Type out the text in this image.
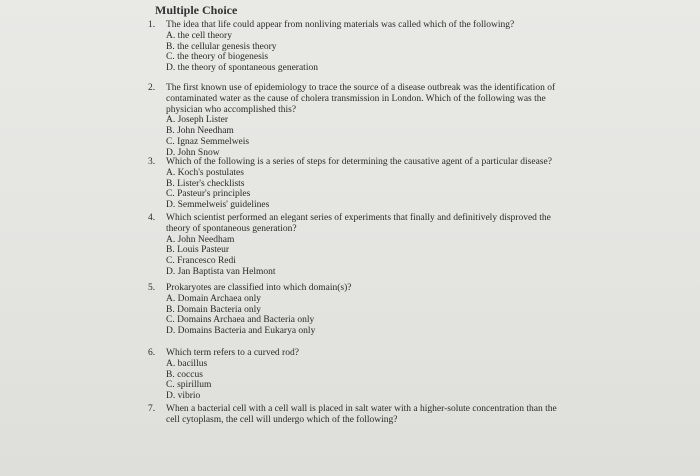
Multiple Choice
1.	The idea that life could appear from nonliving materials was called which of the following?
A. the cell theory
B. the cellular genesis theory
C. the theory of biogenesis
D. the theory of spontaneous generation
2.	The first known use of epidemiology to trace the source of a disease outbreak was the identification of contaminated water as the cause of cholera transmission in London. Which of the following was the physician who accomplished this?
A. Joseph Lister
B. John Needham
C. Ignaz Semmelweis
D. John Snow
3.	Which of the following is a series of steps for determining the causative agent of a particular disease?
A. Koch's postulates
B. Lister's checklists
C. Pasteur's principles
D. Semmelweis' guidelines
4.	Which scientist performed an elegant series of experiments that finally and definitively disproved the theory of spontaneous generation?
A. John Needham
B. Louis Pasteur
C. Francesco Redi
D. Jan Baptista van Helmont
5.	Prokaryotes are classified into which domain(s)?
A. Domain Archaea only
B. Domain Bacteria only
C. Domains Archaea and Bacteria only
D. Domains Bacteria and Eukarya only
6.	Which term refers to a curved rod?
A. bacillus
B. coccus
C. spirillum
D. vibrio
7.	When a bacterial cell with a cell wall is placed in salt water with a higher-solute concentration than the cell cytoplasm, the cell will undergo which of the following?
